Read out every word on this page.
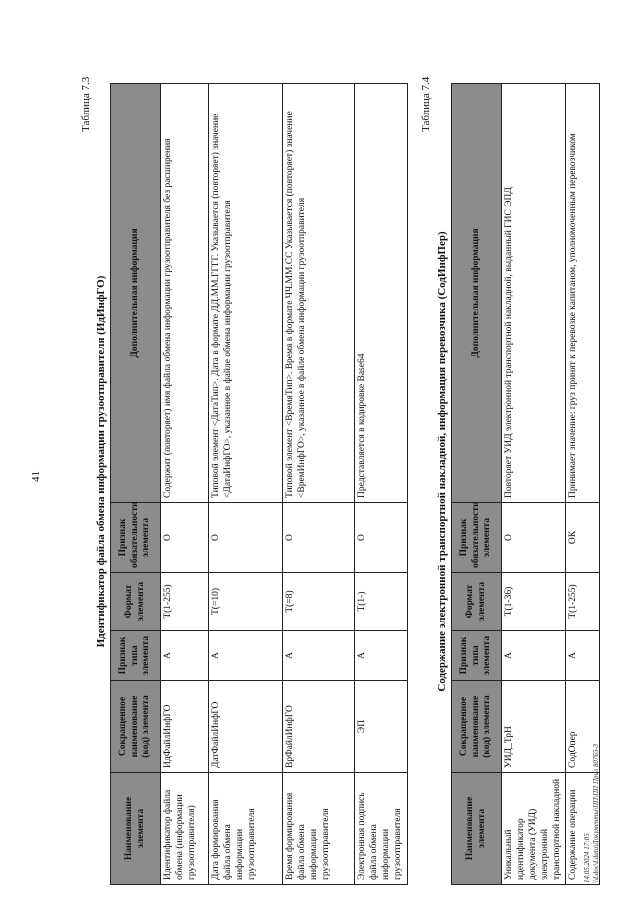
41
Таблица 7.3
Идентификатор файла обмена информации грузоотправителя (ИдИнфГО)
Наименование элемента	Сокращенное наименование (код) элемента	Признак типа элемента	Формат элемента	Признак обязательности элемента	Дополнительная информация
Идентификатор файла обмена (информации грузоотправителя)	ИдФайлИнфГО	А	Т(1-255)	О	Содержит (повторяет) имя файла обмена информации грузоотправителя без расширения
Дата формирования файла обмена информации грузоотправителя	ДатФайлИнфГО	А	Т(=10)	О	Типовой элемент <ДатаТип>. Дата в формате ДД.ММ.ГГГГ. Указывается (повторяет) значение <ДатаИнфГО>, указанное в файле обмена информации грузоотправителя
Время формирования файла обмена информации грузоотправителя	ВрФайлИнфГО	А	Т(=8)	О	Типовой элемент <ВремяТип>. Время в формате ЧЧ.ММ.СС Указывается (повторяет) значение <ВремИнфГО>, указанное в файле обмена информации грузоотправителя
Электронная подпись файла обмена информации грузоотправителя	ЭП	А	Т(1-)	О	Представляется в кодировке Base64
Таблица 7.4
Содержание электронной транспортной накладной, информация перевозчика (СодИнфПер)
Наименование элемента	Сокращенное наименование (код) элемента	Признак типа элемента	Формат элемента	Признак обязательности элемента	Дополнительная информация
Уникальный идентификатор документа (УИД) электронной транспортной накладной	УИД_ТрН	А	Т(1-36)	О	Повторяет УИД электронной транспортной накладной, выданный ГИС ЭПД
Содержание операции	СодОпер	А	Т(1-255)	ОК	Принимает значение: груз принят к перевозке капитаном, уполномоченным перевозчиком
14.05.2024 17:05 \\Ldoc\Ldata\Документы\ПП\ПП Прил 80765-3
